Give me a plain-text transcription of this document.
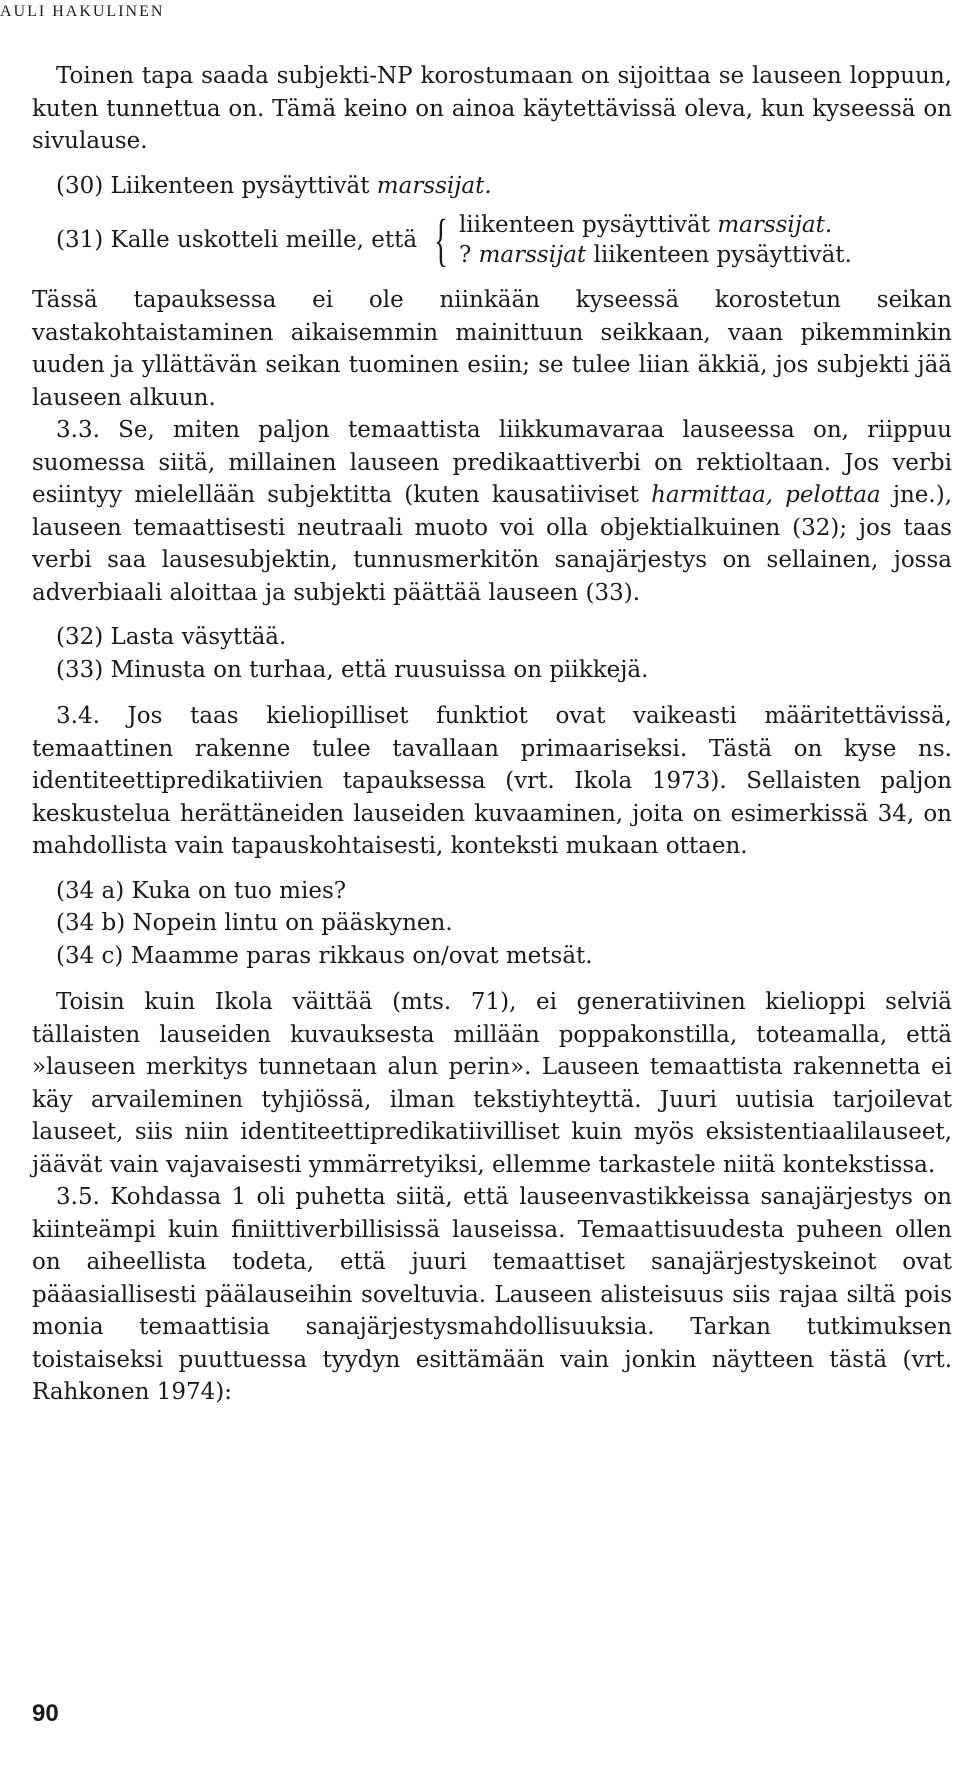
AULI HAKULINEN

Toinen tapa saada subjekti-NP korostumaan on sijoittaa se lauseen loppuun, kuten tunnettua on. Tämä keino on ainoa käytettävissä oleva, kun kyseessä on sivulause.

(30) Liikenteen pysäyttivät marssijat.
(31) Kalle uskotteli meille, että { liikenteen pysäyttivät marssijat.
? marssijat liikenteen pysäyttivät.

Tässä tapauksessa ei ole niinkään kyseessä korostetun seikan vastakohtaistaminen aikaisemmin mainittuun seikkaan, vaan pikemminkin uuden ja yllättävän seikan tuominen esiin; se tulee liian äkkiä, jos subjekti jää lauseen alkuun.

3.3. Se, miten paljon temaattista liikkumavaraa lauseessa on, riippuu suomessa siitä, millainen lauseen predikaattiverbi on rektioltaan. Jos verbi esiintyy mielellään subjektitta (kuten kausatiiviset harmittaa, pelottaa jne.), lauseen temaattisesti neutraali muoto voi olla objektialkuinen (32); jos taas verbi saa lausesubjektin, tunnusmerkitön sanajärjestys on sellainen, jossa adverbiaali aloittaa ja subjekti päättää lauseen (33).

(32) Lasta väsyttää.
(33) Minusta on turhaa, että ruusuissa on piikkejä.

3.4. Jos taas kieliopilliset funktiot ovat vaikeasti määritettävissä, temaattinen rakenne tulee tavallaan primaariseksi. Tästä on kyse ns. identiteettipredikatiivien tapauksessa (vrt. Ikola 1973). Sellaisten paljon keskustelua herättäneiden lauseiden kuvaaminen, joita on esimerkissä 34, on mahdollista vain tapauskohtaisesti, konteksti mukaan ottaen.

(34 a) Kuka on tuo mies?
(34 b) Nopein lintu on pääskynen.
(34 c) Maamme paras rikkaus on/ovat metsät.

Toisin kuin Ikola väittää (mts. 71), ei generatiivinen kielioppi selviä tällaisten lauseiden kuvauksesta millään poppakonstilla, toteamalla, että »lauseen merkitys tunnetaan alun perin». Lauseen temaattista rakennetta ei käy arvaileminen tyhjiössä, ilman tekstiyhteyttä. Juuri uutisia tarjoilevat lauseet, siis niin identiteettipredikatiivilliset kuin myös eksistentiaalilauseet, jäävät vain vajavaisesti ymmärretyiksi, ellemme tarkastele niitä kontekstissa.

3.5. Kohdassa 1 oli puhetta siitä, että lauseenvastikkeissa sanajärjestys on kiinteämpi kuin finiittiverbillisissä lauseissa. Temaattisuudesta puheen ollen on aiheellista todeta, että juuri temaattiset sanajärjestyskeinot ovat pääasiallisesti päälauseihin soveltuvia. Lauseen alisteisuus siis rajaa siltä pois monia temaattisia sanajärjestysmahdollisuuksia. Tarkan tutkimuksen toistaiseksi puuttuessa tyydyn esittämään vain jonkin näytteen tästä (vrt. Rahkonen 1974):

90
